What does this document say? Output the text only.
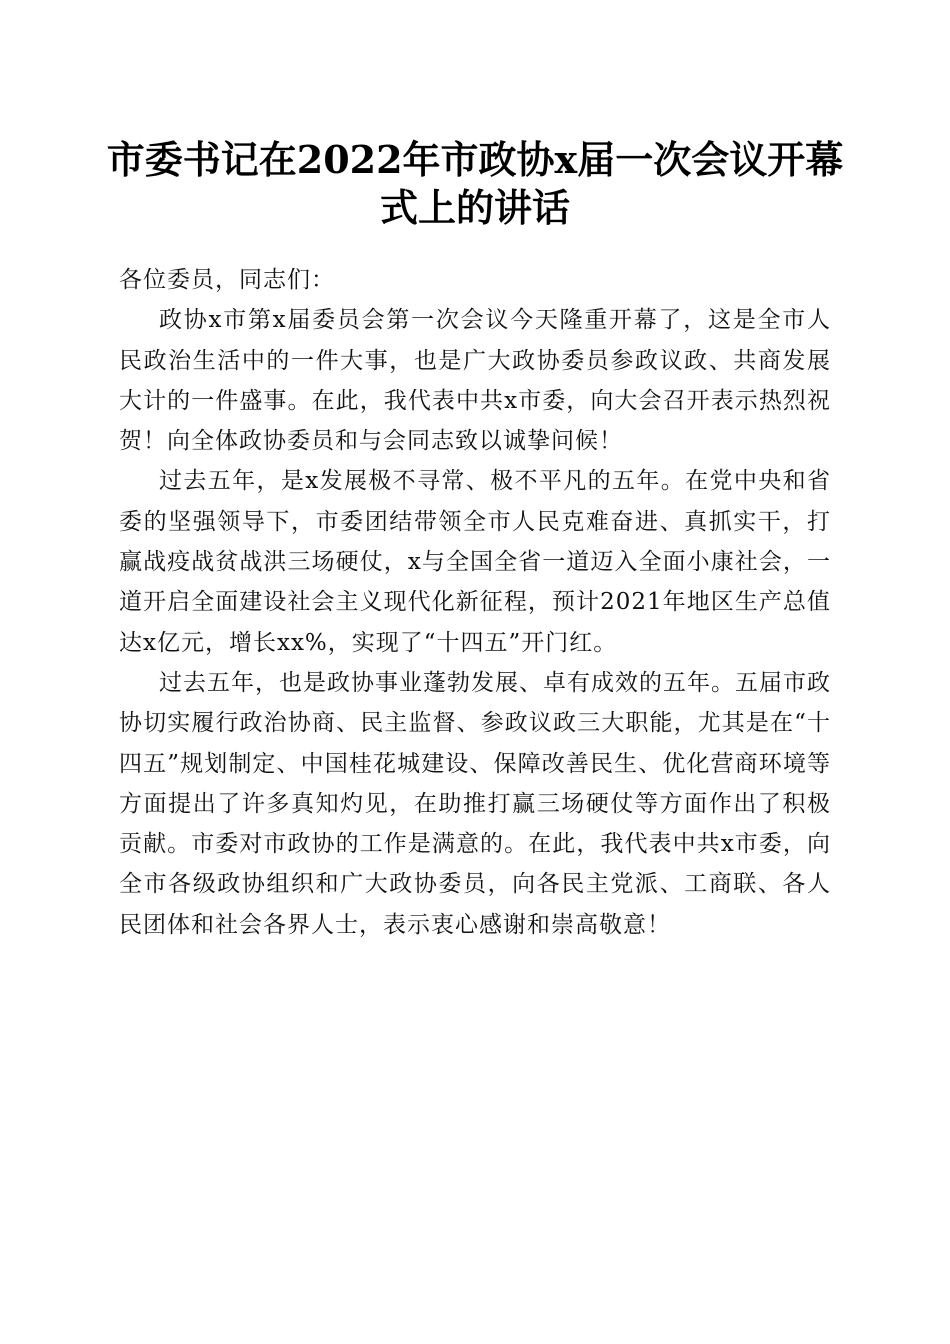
市委书记在2022年市政协x届一次会议开幕式上的讲话

各位委员，同志们：

政协x市第x届委员会第一次会议今天隆重开幕了，这是全市人民政治生活中的一件大事，也是广大政协委员参政议政、共商发展大计的一件盛事。在此，我代表中共x市委，向大会召开表示热烈祝贺！向全体政协委员和与会同志致以诚挚问候！

过去五年，是x发展极不寻常、极不平凡的五年。在党中央和省委的坚强领导下，市委团结带领全市人民克难奋进、真抓实干，打赢战疫战贫战洪三场硬仗，x与全国全省一道迈入全面小康社会，一道开启全面建设社会主义现代化新征程，预计2021年地区生产总值达x亿元，增长xx%，实现了“十四五”开门红。

过去五年，也是政协事业蓬勃发展、卓有成效的五年。五届市政协切实履行政治协商、民主监督、参政议政三大职能，尤其是在“十四五”规划制定、中国桂花城建设、保障改善民生、优化营商环境等方面提出了许多真知灼见，在助推打赢三场硬仗等方面作出了积极贡献。市委对市政协的工作是满意的。在此，我代表中共x市委，向全市各级政协组织和广大政协委员，向各民主党派、工商联、各人民团体和社会各界人士，表示衷心感谢和崇高敬意！
